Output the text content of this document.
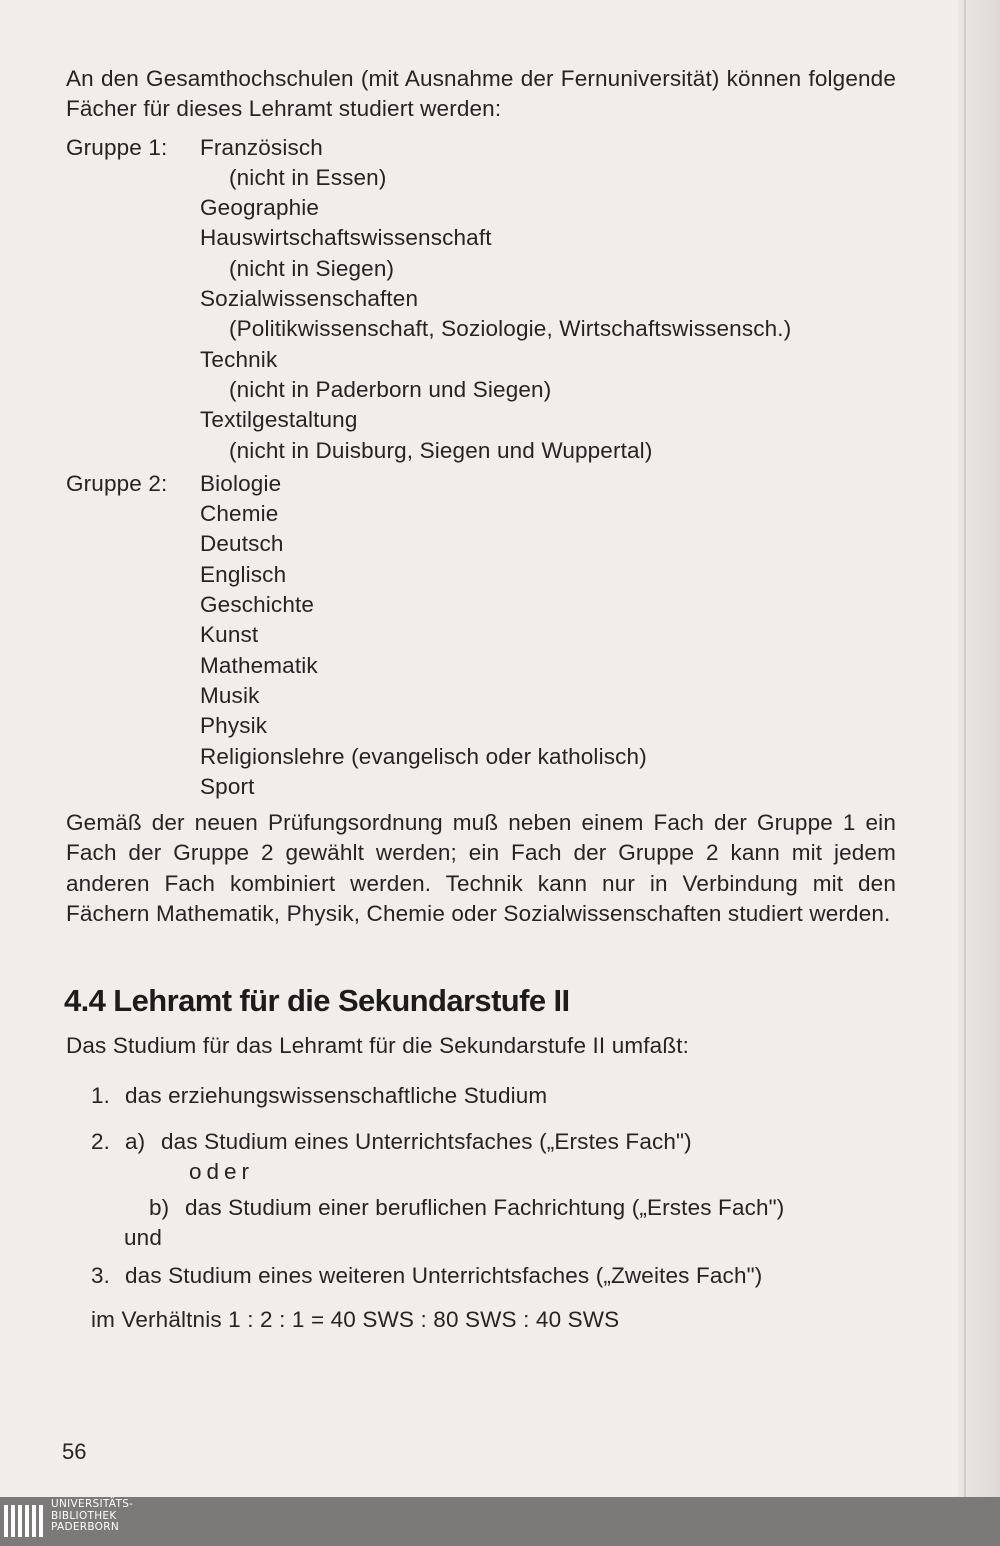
An den Gesamthochschulen (mit Ausnahme der Fernuniversität) können folgende Fächer für dieses Lehramt studiert werden:

Gruppe 1:	Französisch

(nicht in Essen)

Geographie

Hauswirtschaftswissenschaft

(nicht in Siegen)

Sozialwissenschaften

(Politikwissenschaft, Soziologie, Wirtschaftswissensch.)

Technik

(nicht in Paderborn und Siegen)

Textilgestaltung

(nicht in Duisburg, Siegen und Wuppertal)

Gruppe 2:	Biologie

Chemie

Deutsch

Englisch

Geschichte

Kunst

Mathematik

Musik

Physik

Religionslehre (evangelisch oder katholisch)

Sport

Gemäß der neuen Prüfungsordnung muß neben einem Fach der Gruppe 1 ein Fach der Gruppe 2 gewählt werden; ein Fach der Gruppe 2 kann mit jedem anderen Fach kombiniert werden. Technik kann nur in Verbindung mit den Fächern Mathematik, Physik, Chemie oder Sozialwissenschaften studiert werden.

4.4 Lehramt für die Sekundarstufe II

Das Studium für das Lehramt für die Sekundarstufe II umfaßt:

1. das erziehungswissenschaftliche Studium
2. a) das Studium eines Unterrichtsfaches („Erstes Fach")
oder
b) das Studium einer beruflichen Fachrichtung („Erstes Fach")
und
3. das Studium eines weiteren Unterrichtsfaches („Zweites Fach")

im Verhältnis 1 : 2 : 1 = 40 SWS : 80 SWS : 40 SWS

56
UNIVERSITÄTS-
BIBLIOTHEK
PADERBORN
